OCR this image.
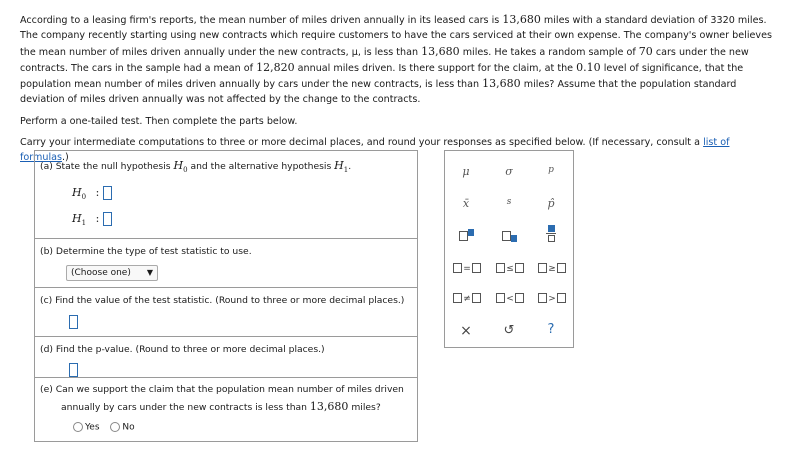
According to a leasing firm's reports, the mean number of miles driven annually in its leased cars is 13,680 miles with a standard deviation of 3320 miles. The company recently starting using new contracts which require customers to have the cars serviced at their own expense. The company's owner believes the mean number of miles driven annually under the new contracts, μ, is less than 13,680 miles. He takes a random sample of 70 cars under the new contracts. The cars in the sample had a mean of 12,820 annual miles driven. Is there support for the claim, at the 0.10 level of significance, that the population mean number of miles driven annually by cars under the new contracts, is less than 13,680 miles? Assume that the population standard deviation of miles driven annually was not affected by the change to the contracts.

Perform a one-tailed test. Then complete the parts below.

Carry your intermediate computations to three or more decimal places, and round your responses as specified below. (If necessary, consult a list of formulas.)

(a) State the null hypothesis $H_0$ and the alternative hypothesis $H_1$.
$H_0$ :
$H_1$ :
(b) Determine the type of test statistic to use.
(Choose one) ▼
(c) Find the value of the test statistic. (Round to three or more decimal places.)
(d) Find the p-value. (Round to three or more decimal places.)
(e) Can we support the claim that the population mean number of miles driven
annually by cars under the new contracts is less than 13,680 miles?
Yes	No
μ	σ	p
x̄	s	p̂
=	≤	≥
≠	<	>
×	↺	?
